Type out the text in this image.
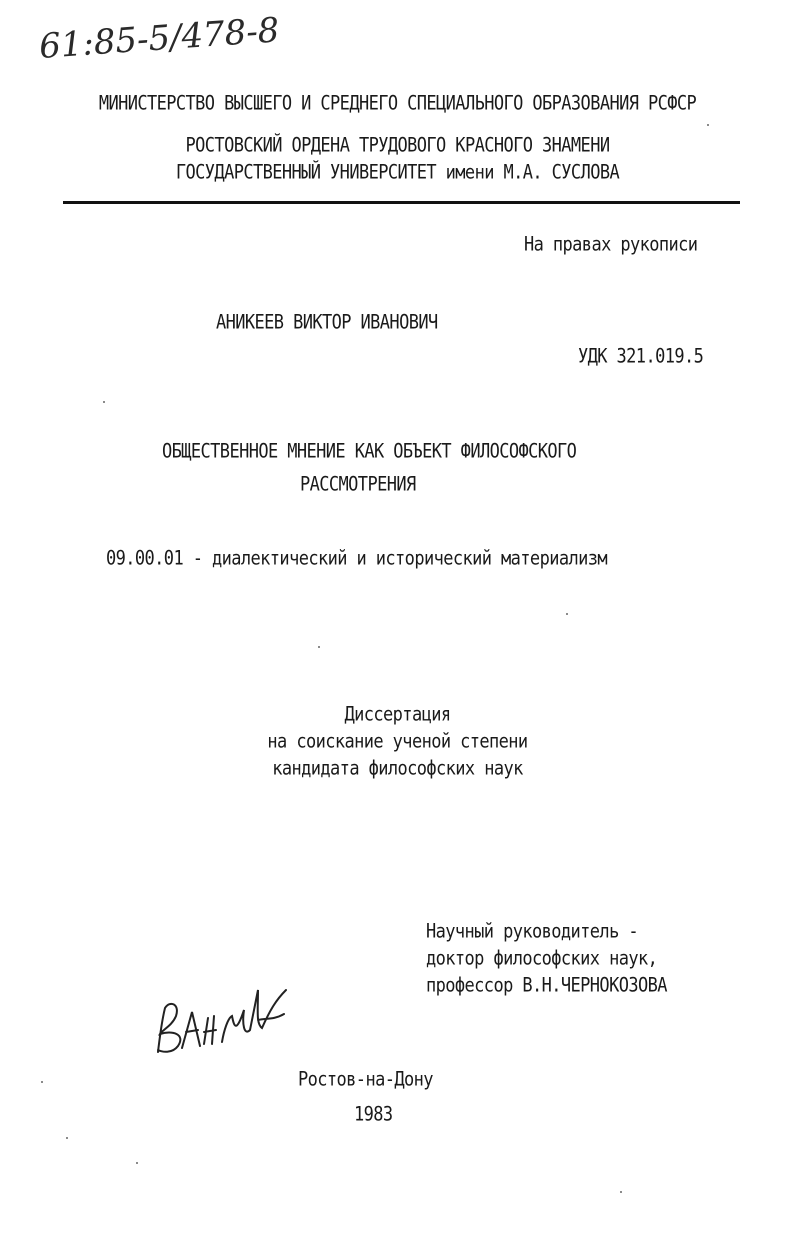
61:85-5/478-8
МИНИСТЕРСТВО ВЫСШЕГО И СРЕДНЕГО СПЕЦИАЛЬНОГО ОБРАЗОВАНИЯ РСФСР
РОСТОВСКИЙ ОРДЕНА ТРУДОВОГО КРАСНОГО ЗНАМЕНИ
ГОСУДАРСТВЕННЫЙ УНИВЕРСИТЕТ имени М.А. СУСЛОВА
На правах рукописи
АНИКЕЕВ ВИКТОР ИВАНОВИЧ
УДК 321.019.5
ОБЩЕСТВЕННОЕ МНЕНИЕ КАК ОБЪЕКТ ФИЛОСОФСКОГО
РАССМОТРЕНИЯ
09.00.01 - диалектический и исторический материализм
Диссертация
на соискание ученой степени
кандидата философских наук
Научный руководитель -
доктор философских наук,
профессор В.Н.ЧЕРНОКОЗОВА
Ростов-на-Дону
1983
